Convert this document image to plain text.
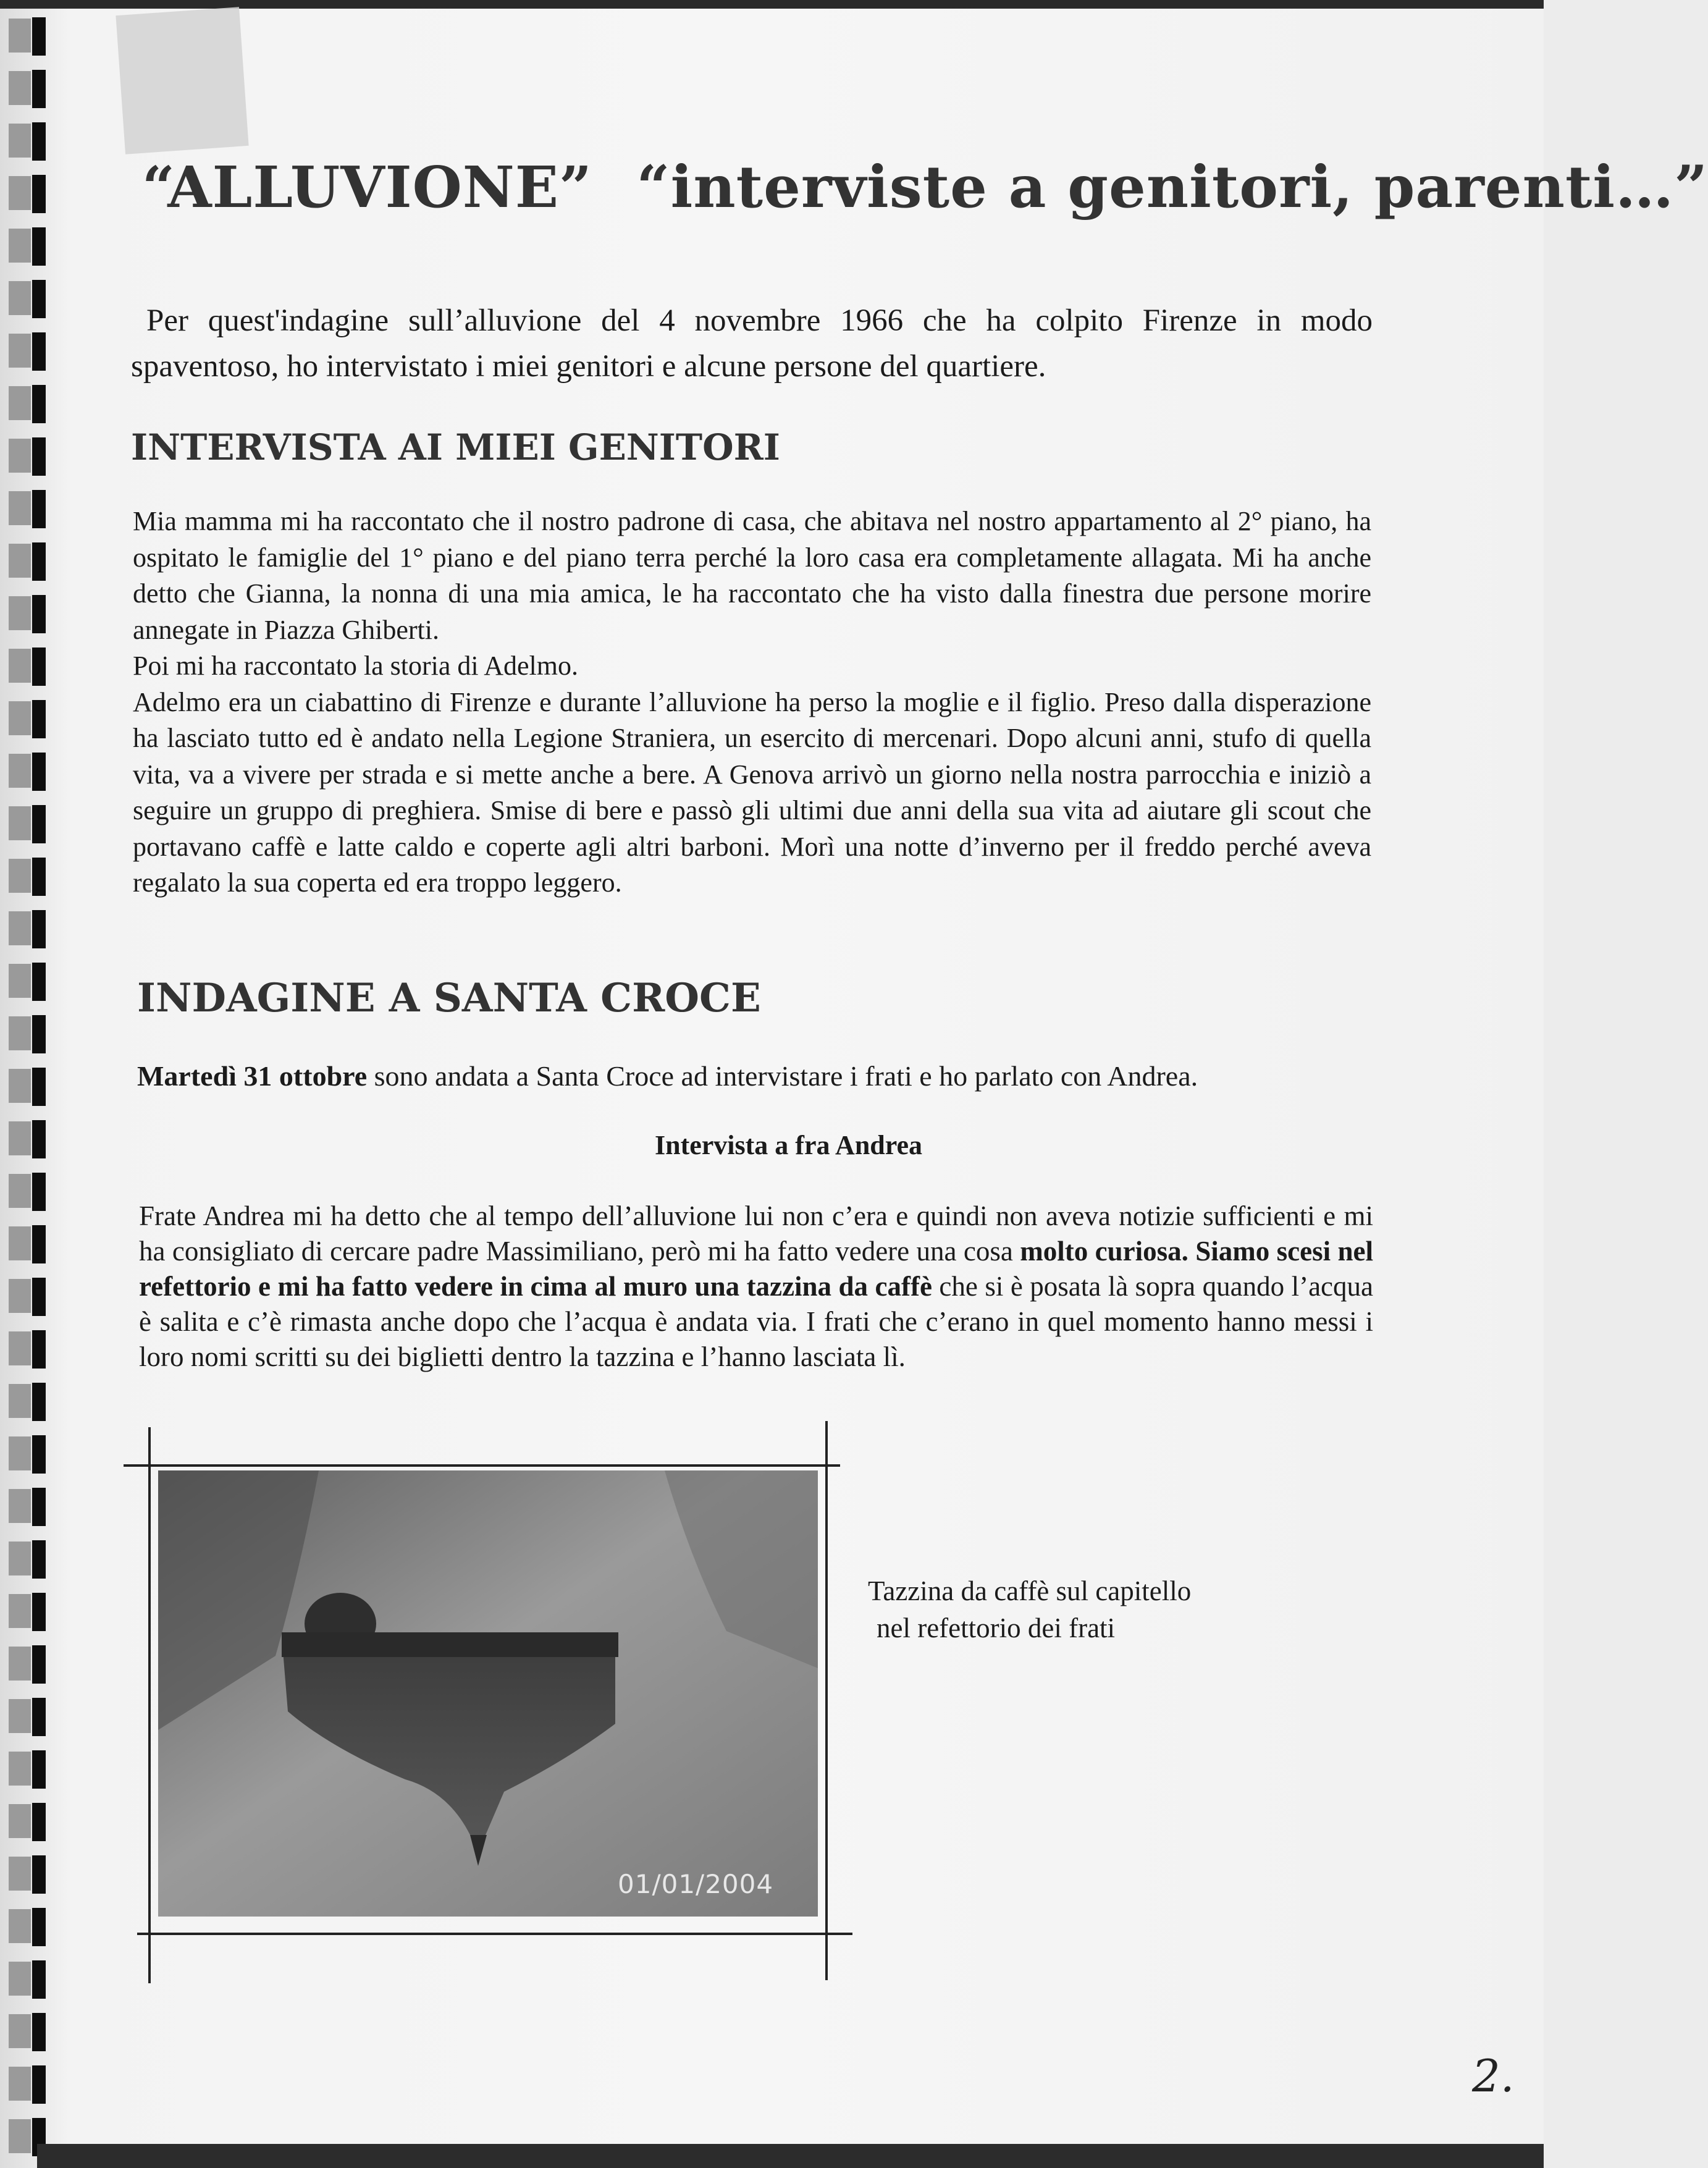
“ALLUVIONE” “interviste a genitori, parenti…”
Per quest'indagine sull’alluvione del 4 novembre 1966 che ha colpito Firenze in modo spaventoso, ho intervistato i miei genitori e alcune persone del quartiere.
INTERVISTA AI MIEI GENITORI

Mia mamma mi ha raccontato che il nostro padrone di casa, che abitava nel nostro appartamento al 2° piano, ha ospitato le famiglie del 1° piano e del piano terra perché la loro casa era completamente allagata. Mi ha anche detto che Gianna, la nonna di una mia amica, le ha raccontato che ha visto dalla finestra due persone morire annegate in Piazza Ghiberti.

Poi mi ha raccontato la storia di Adelmo.

Adelmo era un ciabattino di Firenze e durante l’alluvione ha perso la moglie e il figlio. Preso dalla disperazione ha lasciato tutto ed è andato nella Legione Straniera, un esercito di mercenari. Dopo alcuni anni, stufo di quella vita, va a vivere per strada e si mette anche a bere. A Genova arrivò un giorno nella nostra parrocchia e iniziò a seguire un gruppo di preghiera. Smise di bere e passò gli ultimi due anni della sua vita ad aiutare gli scout che portavano caffè e latte caldo e coperte agli altri barboni. Morì una notte d’inverno per il freddo perché aveva regalato la sua coperta ed era troppo leggero.

INDAGINE A SANTA CROCE
Martedì 31 ottobre sono andata a Santa Croce ad intervistare i frati e ho parlato con Andrea.
Intervista a fra Andrea
Frate Andrea mi ha detto che al tempo dell’alluvione lui non c’era e quindi non aveva notizie sufficienti e mi ha consigliato di cercare padre Massimiliano, però mi ha fatto vedere una cosa molto curiosa. Siamo scesi nel refettorio e mi ha fatto vedere in cima al muro una tazzina da caffè che si è posata là sopra quando l’acqua è salita e c’è rimasta anche dopo che l’acqua è andata via. I frati che c’erano in quel momento hanno messi i loro nomi scritti su dei biglietti dentro la tazzina e l’hanno lasciata lì.
01/01/2004
Tazzina da caffè sul capitello
nel refettorio dei frati
2.
